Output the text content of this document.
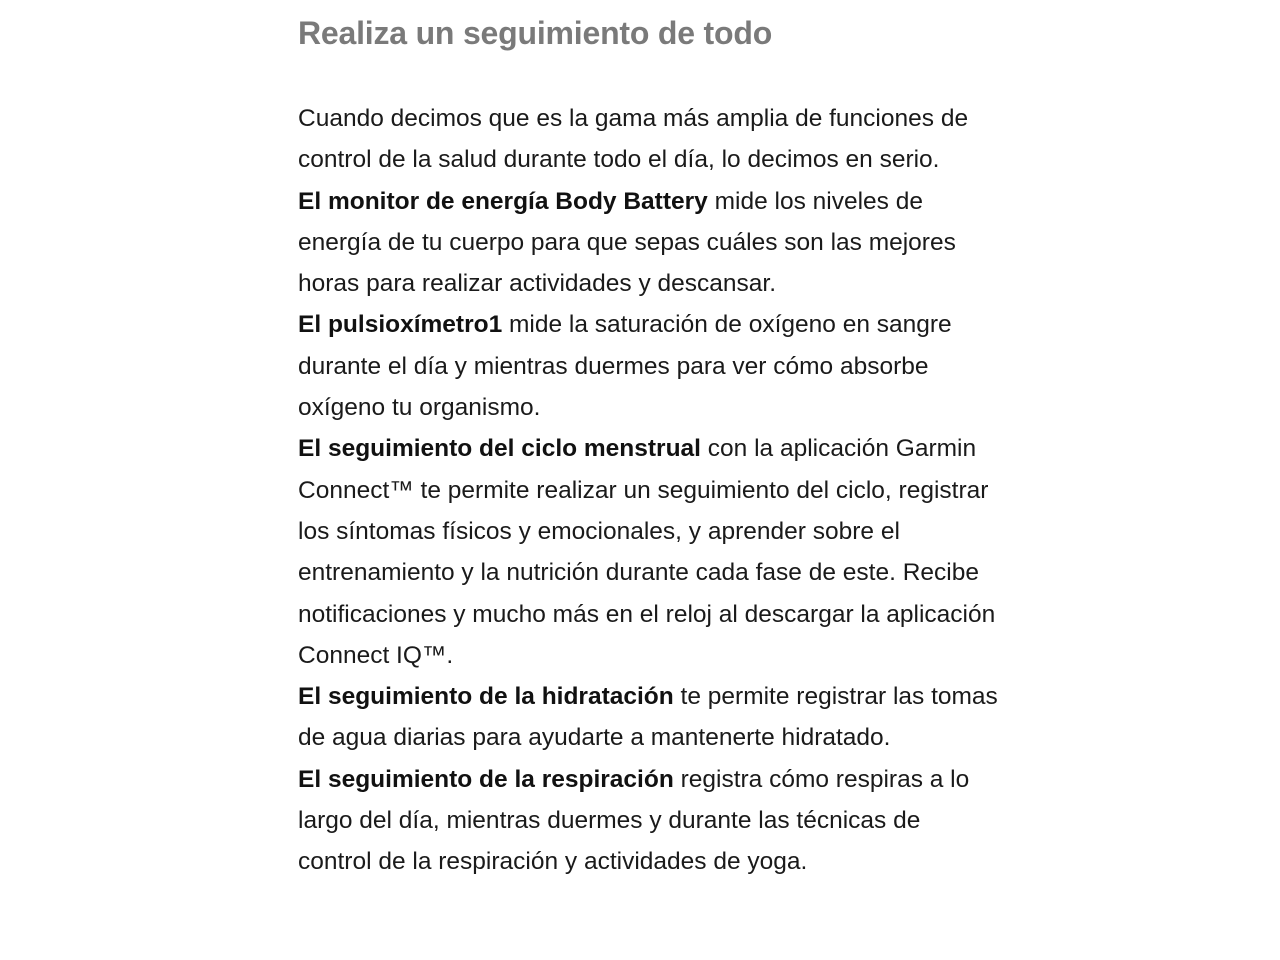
Realiza un seguimiento de todo

Cuando decimos que es la gama más amplia de funciones de control de la salud durante todo el día, lo decimos en serio.

El monitor de energía Body Battery mide los niveles de energía de tu cuerpo para que sepas cuáles son las mejores horas para realizar actividades y descansar.

El pulsioxímetro1 mide la saturación de oxígeno en sangre durante el día y mientras duermes para ver cómo absorbe oxígeno tu organismo.

El seguimiento del ciclo menstrual con la aplicación Garmin Connect™ te permite realizar un seguimiento del ciclo, registrar los síntomas físicos y emocionales, y aprender sobre el entrenamiento y la nutrición durante cada fase de este. Recibe notificaciones y mucho más en el reloj al descargar la aplicación Connect IQ™.

El seguimiento de la hidratación te permite registrar las tomas de agua diarias para ayudarte a mantenerte hidratado.

El seguimiento de la respiración registra cómo respiras a lo largo del día, mientras duermes y durante las técnicas de control de la respiración y actividades de yoga.
